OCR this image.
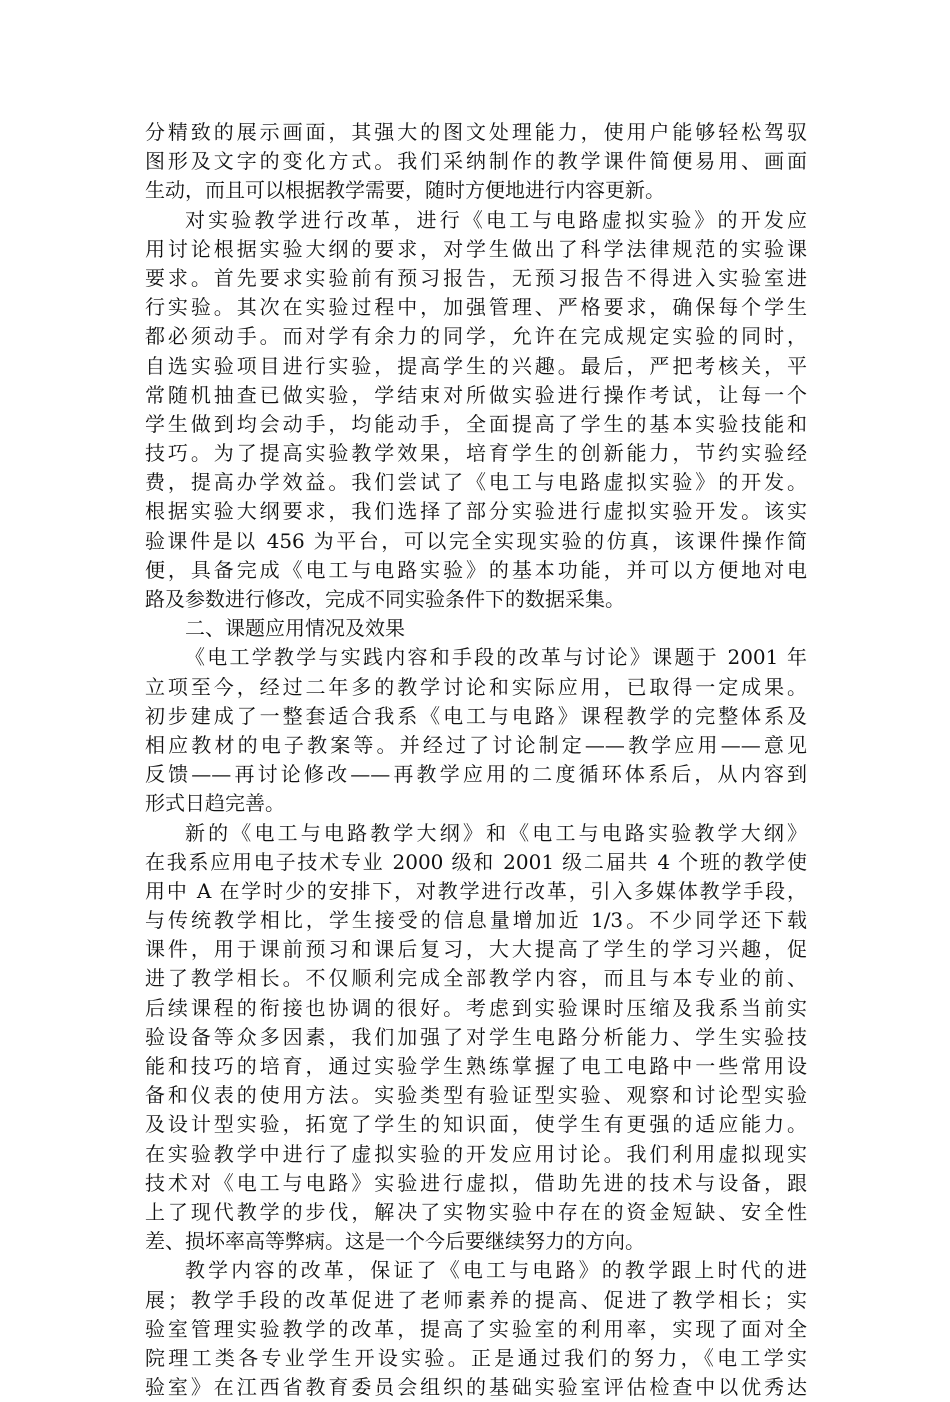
分精致的展示画面，其强大的图文处理能力，使用户能够轻松驾驭
图形及文字的变化方式。我们采纳制作的教学课件简便易用、画面
生动，而且可以根据教学需要，随时方便地进行内容更新。
对实验教学进行改革，进行《电工与电路虚拟实验》的开发应
用讨论根据实验大纲的要求，对学生做出了科学法律规范的实验课
要求。首先要求实验前有预习报告，无预习报告不得进入实验室进
行实验。其次在实验过程中，加强管理、严格要求，确保每个学生
都必须动手。而对学有余力的同学，允许在完成规定实验的同时，
自选实验项目进行实验，提高学生的兴趣。最后，严把考核关，平
常随机抽查已做实验，学结束对所做实验进行操作考试，让每一个
学生做到均会动手，均能动手，全面提高了学生的基本实验技能和
技巧。为了提高实验教学效果，培育学生的创新能力，节约实验经
费，提高办学效益。我们尝试了《电工与电路虚拟实验》的开发。
根据实验大纲要求，我们选择了部分实验进行虚拟实验开发。该实
验课件是以 456 为平台，可以完全实现实验的仿真，该课件操作简
便，具备完成《电工与电路实验》的基本功能，并可以方便地对电
路及参数进行修改，完成不同实验条件下的数据采集。
二、课题应用情况及效果
《电工学教学与实践内容和手段的改革与讨论》课题于 2001 年
立项至今，经过二年多的教学讨论和实际应用，已取得一定成果。
初步建成了一整套适合我系《电工与电路》课程教学的完整体系及
相应教材的电子教案等。并经过了讨论制定——教学应用——意见
反馈——再讨论修改——再教学应用的二度循环体系后，从内容到
形式日趋完善。
新的《电工与电路教学大纲》和《电工与电路实验教学大纲》
在我系应用电子技术专业 2000 级和 2001 级二届共 4 个班的教学使
用中 A 在学时少的安排下，对教学进行改革，引入多媒体教学手段，
与传统教学相比，学生接受的信息量增加近 1/3。不少同学还下载
课件，用于课前预习和课后复习，大大提高了学生的学习兴趣，促
进了教学相长。不仅顺利完成全部教学内容，而且与本专业的前、
后续课程的衔接也协调的很好。考虑到实验课时压缩及我系当前实
验设备等众多因素，我们加强了对学生电路分析能力、学生实验技
能和技巧的培育，通过实验学生熟练掌握了电工电路中一些常用设
备和仪表的使用方法。实验类型有验证型实验、观察和讨论型实验
及设计型实验，拓宽了学生的知识面，使学生有更强的适应能力。
在实验教学中进行了虚拟实验的开发应用讨论。我们利用虚拟现实
技术对《电工与电路》实验进行虚拟，借助先进的技术与设备，跟
上了现代教学的步伐，解决了实物实验中存在的资金短缺、安全性
差、损坏率高等弊病。这是一个今后要继续努力的方向。
教学内容的改革，保证了《电工与电路》的教学跟上时代的进
展；教学手段的改革促进了老师素养的提高、促进了教学相长；实
验室管理实验教学的改革，提高了实验室的利用率，实现了面对全
院理工类各专业学生开设实验。正是通过我们的努力，《电工学实
验室》在江西省教育委员会组织的基础实验室评估检查中以优秀达
